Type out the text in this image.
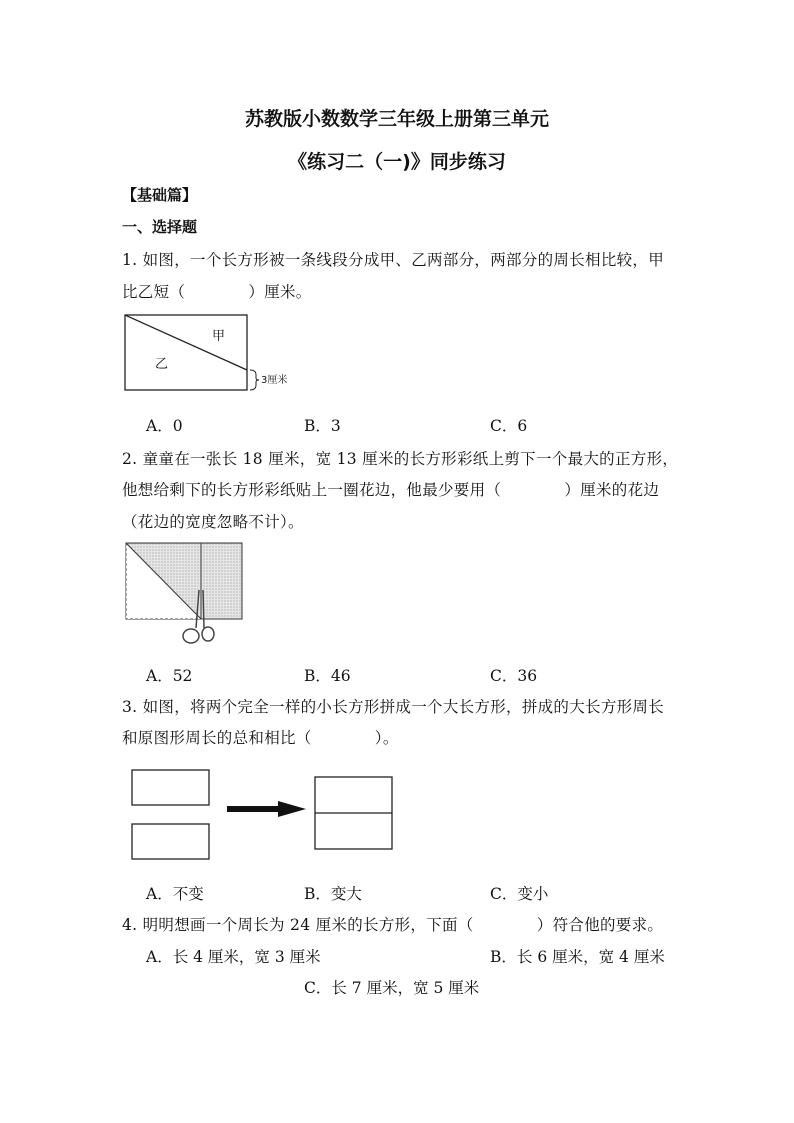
苏教版小数数学三年级上册第三单元
《练习二（一)》同步练习
【基础篇】
一、选择题
1. 如图，一个长方形被一条线段分成甲、乙两部分，两部分的周长相比较，甲
比乙短（　　　　）厘米。
甲
乙
3厘米
A．0	B．3	C．6
2. 童童在一张长 18 厘米，宽 13 厘米的长方形彩纸上剪下一个最大的正方形，
他想给剩下的长方形彩纸贴上一圈花边，他最少要用（　　　　）厘米的花边
（花边的宽度忽略不计）。
A．52	B．46	C．36
3. 如图，将两个完全一样的小长方形拼成一个大长方形，拼成的大长方形周长
和原图形周长的总和相比（　　　　）。
A．不变	B．变大	C．变小
4. 明明想画一个周长为 24 厘米的长方形，下面（　　　　）符合他的要求。
A．长 4 厘米，宽 3 厘米	B．长 6 厘米，宽 4 厘米
C．长 7 厘米，宽 5 厘米
